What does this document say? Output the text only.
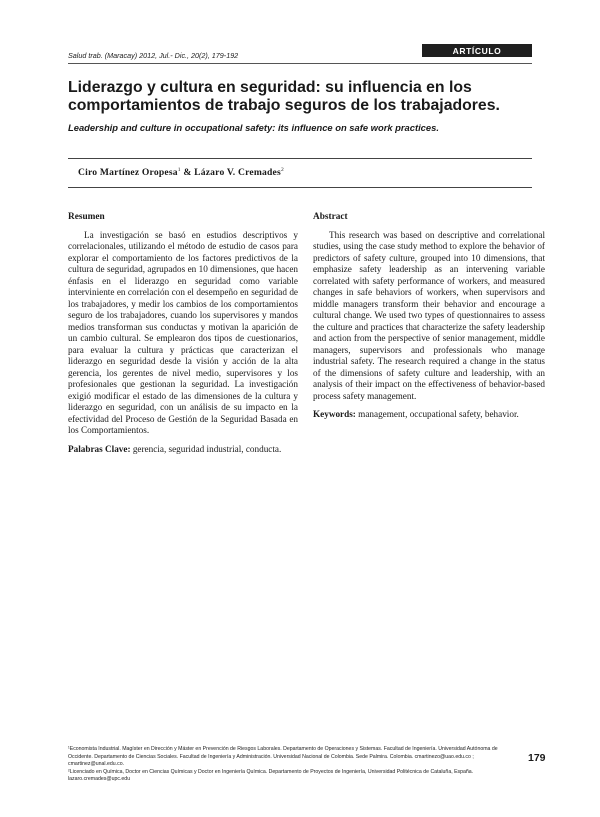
Salud trab. (Maracay) 2012, Jul.- Dic., 20(2), 179-192	ARTÍCULO
Liderazgo y cultura en seguridad: su influencia en los comportamientos de trabajo seguros de los trabajadores.

Leadership and culture in occupational safety: its influence on safe work practices.

Ciro Martínez Oropesa$^1$ & Lázaro V. Cremades$^2$
Resumen

La investigación se basó en estudios descriptivos y correlacionales, utilizando el método de estudio de casos para explorar el comportamiento de los factores predictivos de la cultura de seguridad, agrupados en 10 dimensiones, que hacen énfasis en el liderazgo en seguridad como variable interviniente en correlación con el desempeño en seguridad de los trabajadores, y medir los cambios de los comportamientos seguro de los trabajadores, cuando los supervisores y mandos medios transforman sus conductas y motivan la aparición de un cambio cultural. Se emplearon dos tipos de cuestionarios, para evaluar la cultura y prácticas que caracterizan el liderazgo en seguridad desde la visión y acción de la alta gerencia, los gerentes de nivel medio, supervisores y los profesionales que gestionan la seguridad. La investigación exigió modificar el estado de las dimensiones de la cultura y liderazgo en seguridad, con un análisis de su impacto en la efectividad del Proceso de Gestión de la Seguridad Basada en los Comportamientos.

Palabras Clave: gerencia, seguridad industrial, conducta.

Abstract

This research was based on descriptive and correlational studies, using the case study method to explore the behavior of predictors of safety culture, grouped into 10 dimensions, that emphasize safety leadership as an intervening variable correlated with safety performance of workers, and measured changes in safe behaviors of workers, when supervisors and middle managers transform their behavior and encourage a cultural change. We used two types of questionnaires to assess the culture and practices that characterize the safety leadership and action from the perspective of senior management, middle managers, supervisors and professionals who manage industrial safety. The research required a change in the status of the dimensions of safety culture and leadership, with an analysis of their impact on the effectiveness of behavior-based process safety management.

Keywords: management, occupational safety, behavior.

¹Economista Industrial. Magíster en Dirección y Máster en Prevención de Riesgos Laborales. Departamento de Operaciones y Sistemas. Facultad de Ingeniería. Universidad Autónoma de Occidente. Departamento de Ciencias Sociales. Facultad de Ingeniería y Administración. Universidad Nacional de Colombia. Sede Palmira. Colombia. cmartinezo@uao.edu.co ; cmartinez@unal.edu.co.

²Licenciado en Química, Doctor en Ciencias Químicas y Doctor en Ingeniería Química. Departamento de Proyectos de Ingeniería, Universidad Politécnica de Cataluña, España. lazaro.cremades@upc.edu

179
